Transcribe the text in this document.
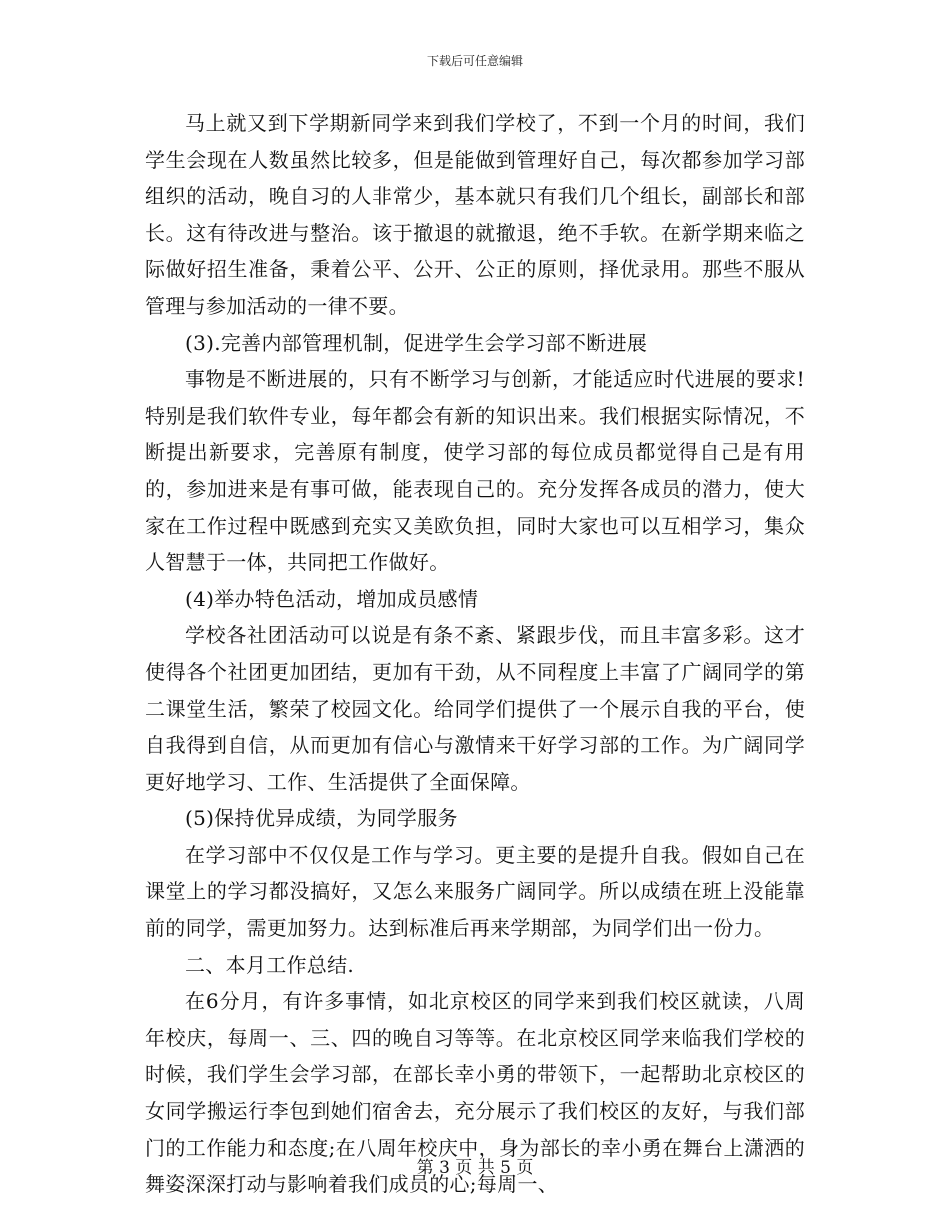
下载后可任意编辑

马上就又到下学期新同学来到我们学校了，不到一个月的时间，我们学生会现在人数虽然比较多，但是能做到管理好自己，每次都参加学习部组织的活动，晚自习的人非常少，基本就只有我们几个组长，副部长和部长。这有待改进与整治。该于撤退的就撤退，绝不手软。在新学期来临之际做好招生准备，秉着公平、公开、公正的原则，择优录用。那些不服从管理与参加活动的一律不要。

(3).完善内部管理机制，促进学生会学习部不断进展

事物是不断进展的，只有不断学习与创新，才能适应时代进展的要求!特别是我们软件专业，每年都会有新的知识出来。我们根据实际情况，不断提出新要求，完善原有制度，使学习部的每位成员都觉得自己是有用的，参加进来是有事可做，能表现自己的。充分发挥各成员的潜力，使大家在工作过程中既感到充实又美欧负担，同时大家也可以互相学习，集众人智慧于一体，共同把工作做好。

(4)举办特色活动，增加成员感情

学校各社团活动可以说是有条不紊、紧跟步伐，而且丰富多彩。这才使得各个社团更加团结，更加有干劲，从不同程度上丰富了广阔同学的第二课堂生活，繁荣了校园文化。给同学们提供了一个展示自我的平台，使自我得到自信，从而更加有信心与激情来干好学习部的工作。为广阔同学更好地学习、工作、生活提供了全面保障。

(5)保持优异成绩，为同学服务

在学习部中不仅仅是工作与学习。更主要的是提升自我。假如自己在课堂上的学习都没搞好，又怎么来服务广阔同学。所以成绩在班上没能靠前的同学，需更加努力。达到标准后再来学期部，为同学们出一份力。

二、本月工作总结.

在6分月，有许多事情，如北京校区的同学来到我们校区就读，八周年校庆，每周一、三、四的晚自习等等。在北京校区同学来临我们学校的时候，我们学生会学习部，在部长幸小勇的带领下，一起帮助北京校区的女同学搬运行李包到她们宿舍去，充分展示了我们校区的友好，与我们部门的工作能力和态度;在八周年校庆中，身为部长的幸小勇在舞台上潇洒的舞姿深深打动与影响着我们成员的心;每周一、

第 3 页 共 5 页
